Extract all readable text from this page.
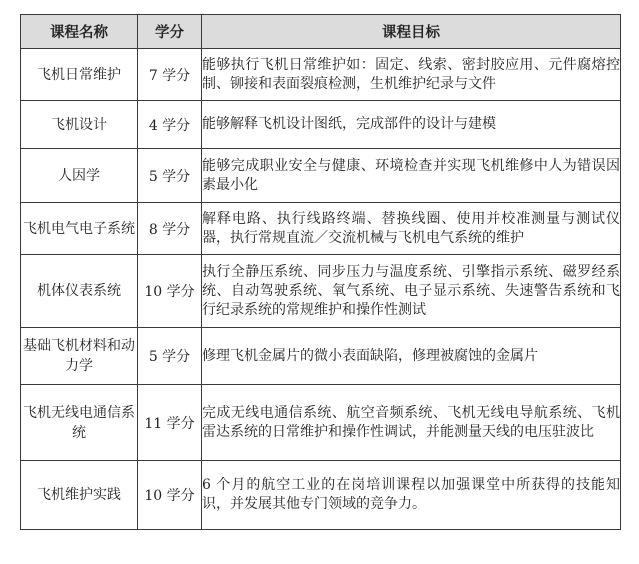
课程名称	学分	课程目标
飞机日常维护	7 学分	能够执行飞机日常维护如：固定、线索、密封胶应用、元件腐熔控制、铆接和表面裂痕检测，生机维护纪录与文件
飞机设计	4 学分	能够解释飞机设计图纸，完成部件的设计与建模
人因学	5 学分	能够完成职业安全与健康、环境检查并实现飞机维修中人为错误因素最小化
飞机电气电子系统	8 学分	解释电路、执行线路终端、替换线圈、使用并校准测量与测试仪器，执行常规直流／交流机械与飞机电气系统的维护
机体仪表系统	10 学分	执行全静压系统、同步压力与温度系统、引擎指示系统、磁罗经系统、自动驾驶系统、氧气系统、电子显示系统、失速警告系统和飞行纪录系统的常规维护和操作性测试
基础飞机材料和动力学	5 学分	修理飞机金属片的微小表面缺陷，修理被腐蚀的金属片
飞机无线电通信系统	11 学分	完成无线电通信系统、航空音频系统、飞机无线电导航系统、飞机雷达系统的日常维护和操作性调试，并能测量天线的电压驻波比
飞机维护实践	10 学分	6 个月的航空工业的在岗培训课程以加强课堂中所获得的技能知识，并发展其他专门领域的竞争力。
